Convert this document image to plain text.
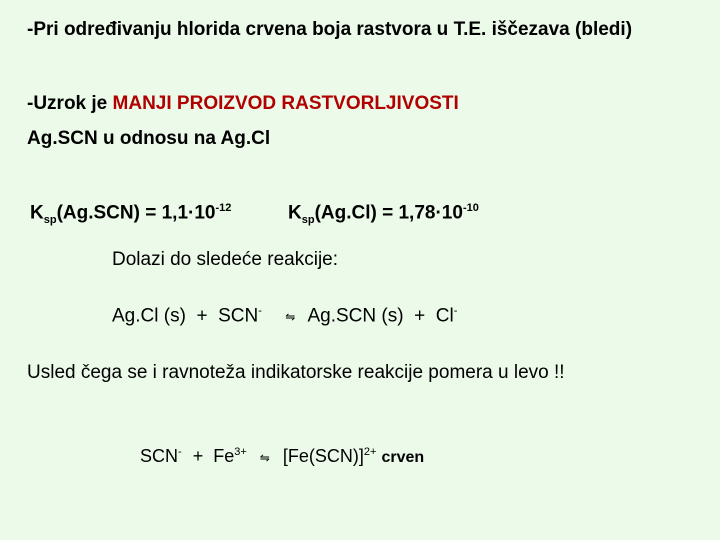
-Pri određivanju hlorida crvena boja rastvora u T.E. iščezava (bledi)
-Uzrok je MANJI PROIZVOD RASTVORLJIVOSTI
Ag.SCN u odnosu na Ag.Cl
$K_{sp}(Ag.SCN) = 1,1\cdot 10^{-12}$	$K_{sp}(Ag.Cl) = 1,78\cdot 10^{-10}$
Dolazi do sledeće reakcije:
Ag.Cl (s)  +  SCN- ⇋ Ag.SCN (s)  +  Cl-
Usled čega se i ravnoteža indikatorske reakcije pomera u levo !!
$SCN^- + Fe^{3+}$ ⇋ $[Fe(SCN)]^{2+}$ crven
